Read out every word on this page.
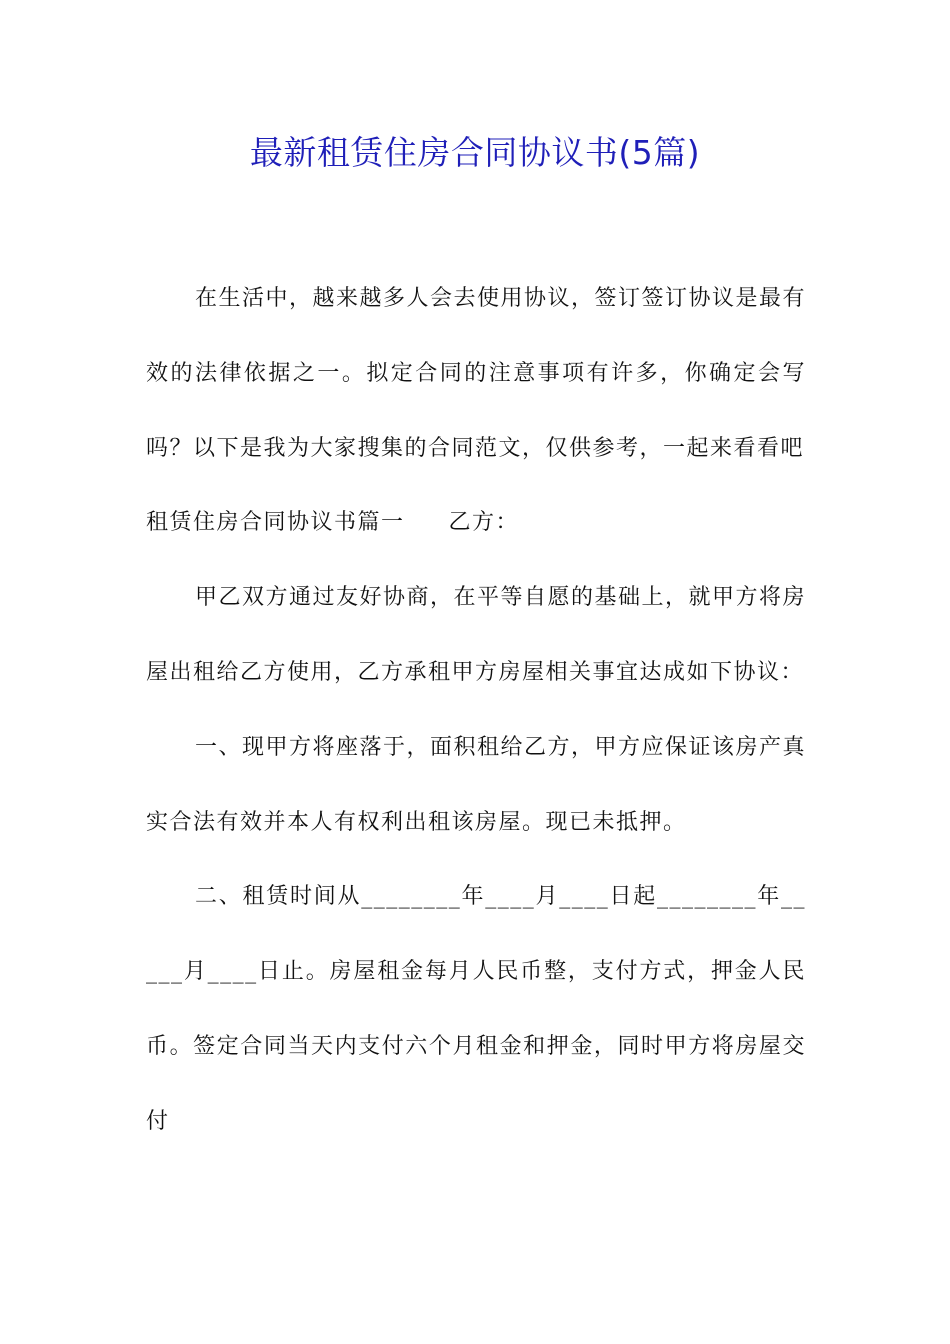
最新租赁住房合同协议书(5篇)

在生活中，越来越多人会去使用协议，签订签订协议是最有效的法律依据之一。拟定合同的注意事项有许多，你确定会写吗？以下是我为大家搜集的合同范文，仅供参考，一起来看看吧

租赁住房合同协议书篇一 乙方：

甲乙双方通过友好协商，在平等自愿的基础上，就甲方将房屋出租给乙方使用，乙方承租甲方房屋相关事宜达成如下协议：

一、现甲方将座落于，面积租给乙方，甲方应保证该房产真实合法有效并本人有权利出租该房屋。现已未抵押。

二、租赁时间从________年____月____日起________年_____月____日止。房屋租金每月人民币整，支付方式，押金人民币。签定合同当天内支付六个月租金和押金，同时甲方将房屋交付
